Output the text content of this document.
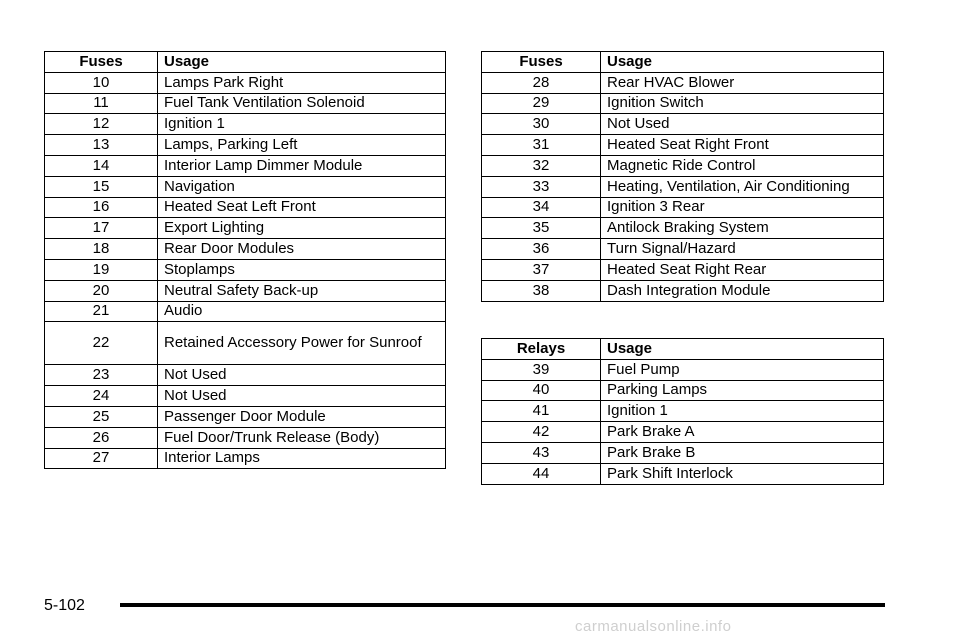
Fuses	Usage
10	Lamps Park Right
11	Fuel Tank Ventilation Solenoid
12	Ignition 1
13	Lamps, Parking Left
14	Interior Lamp Dimmer Module
15	Navigation
16	Heated Seat Left Front
17	Export Lighting
18	Rear Door Modules
19	Stoplamps
20	Neutral Safety Back-up
21	Audio
22	Retained Accessory Power for Sunroof
23	Not Used
24	Not Used
25	Passenger Door Module
26	Fuel Door/Trunk Release (Body)
27	Interior Lamps
Fuses	Usage
28	Rear HVAC Blower
29	Ignition Switch
30	Not Used
31	Heated Seat Right Front
32	Magnetic Ride Control
33	Heating, Ventilation, Air Conditioning
34	Ignition 3 Rear
35	Antilock Braking System
36	Turn Signal/Hazard
37	Heated Seat Right Rear
38	Dash Integration Module
Relays	Usage
39	Fuel Pump
40	Parking Lamps
41	Ignition 1
42	Park Brake A
43	Park Brake B
44	Park Shift Interlock
5-102
carmanualsonline.info
